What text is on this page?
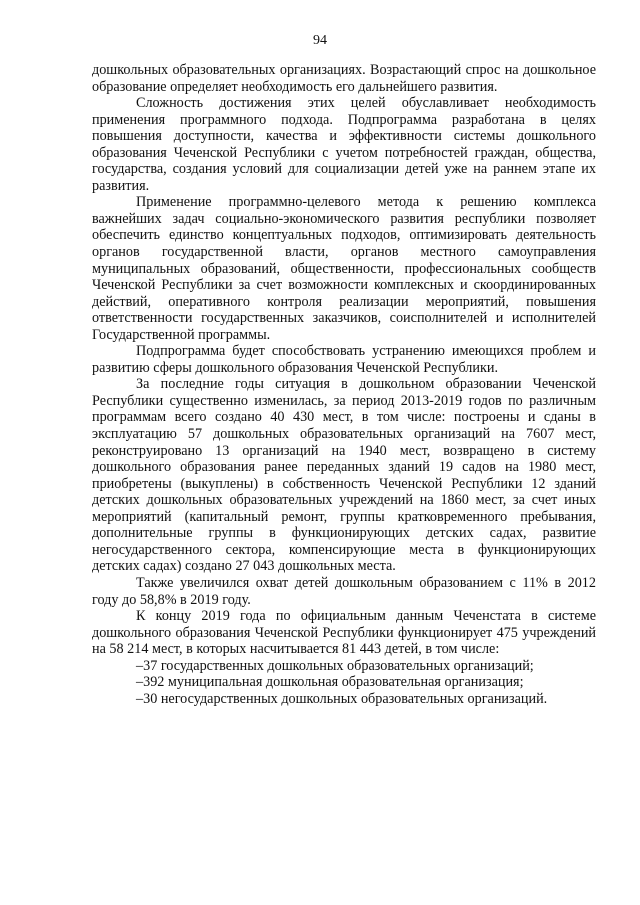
94

дошкольных образовательных организациях. Возрастающий спрос на дошкольное образование определяет необходимость его дальнейшего развития.

Сложность достижения этих целей обуславливает необходимость применения программного подхода. Подпрограмма разработана в целях повышения доступности, качества и эффективности системы дошкольного образования Чеченской Республики с учетом потребностей граждан, общества, государства, создания условий для социализации детей уже на раннем этапе их развития.

Применение программно-целевого метода к решению комплекса важнейших задач социально-экономического развития республики позволяет обеспечить единство концептуальных подходов, оптимизировать деятельность органов государственной власти, органов местного самоуправления муниципальных образований, общественности, профессиональных сообществ Чеченской Республики за счет возможности комплексных и скоординированных действий, оперативного контроля реализации мероприятий, повышения ответственности государственных заказчиков, соисполнителей и исполнителей Государственной программы.

Подпрограмма будет способствовать устранению имеющихся проблем и развитию сферы дошкольного образования Чеченской Республики.

За последние годы ситуация в дошкольном образовании Чеченской Республики существенно изменилась, за период 2013-2019 годов по различным программам всего создано 40 430 мест, в том числе: построены и сданы в эксплуатацию 57 дошкольных образовательных организаций на 7607 мест, реконструировано 13 организаций на 1940 мест, возвращено в систему дошкольного образования ранее переданных зданий 19 садов на 1980 мест, приобретены (выкуплены) в собственность Чеченской Республики 12 зданий детских дошкольных образовательных учреждений на 1860 мест, за счет иных мероприятий (капитальный ремонт, группы кратковременного пребывания, дополнительные группы в функционирующих детских садах, развитие негосударственного сектора, компенсирующие места в функционирующих детских садах) создано 27 043 дошкольных места.

Также увеличился охват детей дошкольным образованием с 11% в 2012 году до 58,8% в 2019 году.

К концу 2019 года по официальным данным Чеченстата в системе дошкольного образования Чеченской Республики функционирует 475 учреждений на 58 214 мест, в которых насчитывается 81 443 детей, в том числе:

–37 государственных дошкольных образовательных организаций;

–392 муниципальная дошкольная образовательная организация;

–30 негосударственных дошкольных образовательных организаций.
